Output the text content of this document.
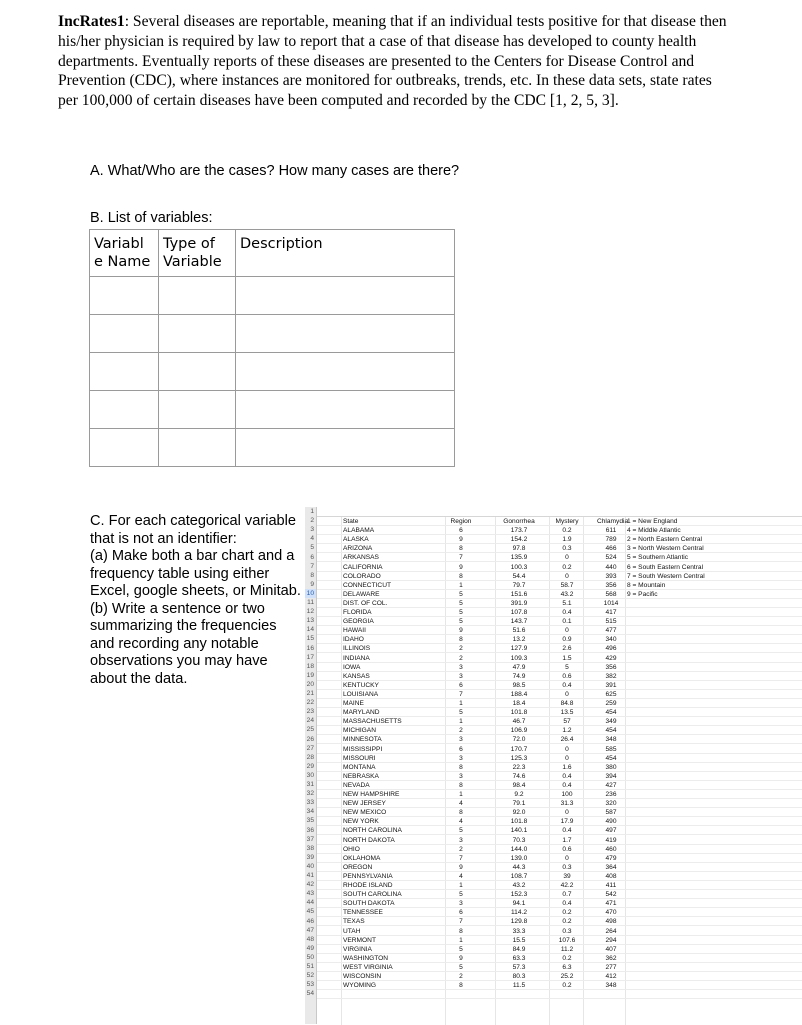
IncRates1: Several diseases are reportable, meaning that if an individual tests positive for that disease then his/her physician is required by law to report that a case of that disease has developed to county health departments. Eventually reports of these diseases are presented to the Centers for Disease Control and Prevention (CDC), where instances are monitored for outbreaks, trends, etc. In these data sets, state rates per 100,000 of certain diseases have been computed and recorded by the CDC [1, 2, 5, 3].
A. What/Who are the cases? How many cases are there?
B. List of variables:
Variabl e Name	Type of Variable	Description

C. For each categorical variable that is not an identifier:

(a) Make both a bar chart and a frequency table using either Excel, google sheets, or Minitab.

(b) Write a sentence or two summarizing the frequencies and recording any notable observations you may have about the data.

1
2
3
4
5
6
7
8
9
10
11
12
13
14
15
16
17
18
19
20
21
22
23
24
25
26
27
28
29
30
31
32
33
34
35
36
37
38
39
40
41
42
43
44
45
46
47
48
49
50
51
52
53
54
State	Region	Gonorrhea	Mystery	Chlamydia
1 = New England
ALABAMA	6	173.7	0.2	611	4 = Middle Atlantic
ALASKA	9	154.2	1.9	789	2 = North Eastern Central
ARIZONA	8	97.8	0.3	466	3 = North Western Central
ARKANSAS	7	135.9	0	524	5 = Southern Atlantic
CALIFORNIA	9	100.3	0.2	440	6 = South Eastern Central
COLORADO	8	54.4	0	393	7 = South Western Central
CONNECTICUT	1	79.7	58.7	356	8 = Mountain
DELAWARE	5	151.6	43.2	568	9 = Pacific
DIST. OF COL.	5	391.9	5.1	1014
FLORIDA	5	107.8	0.4	417
GEORGIA	5	143.7	0.1	515
HAWAII	9	51.6	0	477
IDAHO	8	13.2	0.9	340
ILLINOIS	2	127.9	2.6	496
INDIANA	2	109.3	1.5	429
IOWA	3	47.9	5	356
KANSAS	3	74.9	0.6	382
KENTUCKY	6	98.5	0.4	391
LOUISIANA	7	188.4	0	625
MAINE	1	18.4	84.8	259
MARYLAND	5	101.8	13.5	454
MASSACHUSETTS	1	46.7	57	349
MICHIGAN	2	106.9	1.2	454
MINNESOTA	3	72.0	26.4	348
MISSISSIPPI	6	170.7	0	585
MISSOURI	3	125.3	0	454
MONTANA	8	22.3	1.6	380
NEBRASKA	3	74.6	0.4	394
NEVADA	8	98.4	0.4	427
NEW HAMPSHIRE	1	9.2	100	236
NEW JERSEY	4	79.1	31.3	320
NEW MEXICO	8	92.0	0	587
NEW YORK	4	101.8	17.9	490
NORTH CAROLINA	5	140.1	0.4	497
NORTH DAKOTA	3	70.3	1.7	419
OHIO	2	144.0	0.6	460
OKLAHOMA	7	139.0	0	479
OREGON	9	44.3	0.3	364
PENNSYLVANIA	4	108.7	39	408
RHODE ISLAND	1	43.2	42.2	411
SOUTH CAROLINA	5	152.3	0.7	542
SOUTH DAKOTA	3	94.1	0.4	471
TENNESSEE	6	114.2	0.2	470
TEXAS	7	129.8	0.2	498
UTAH	8	33.3	0.3	264
VERMONT	1	15.5	107.6	294
VIRGINIA	5	84.9	11.2	407
WASHINGTON	9	63.3	0.2	362
WEST VIRGINIA	5	57.3	6.3	277
WISCONSIN	2	80.3	25.2	412
WYOMING	8	11.5	0.2	348
